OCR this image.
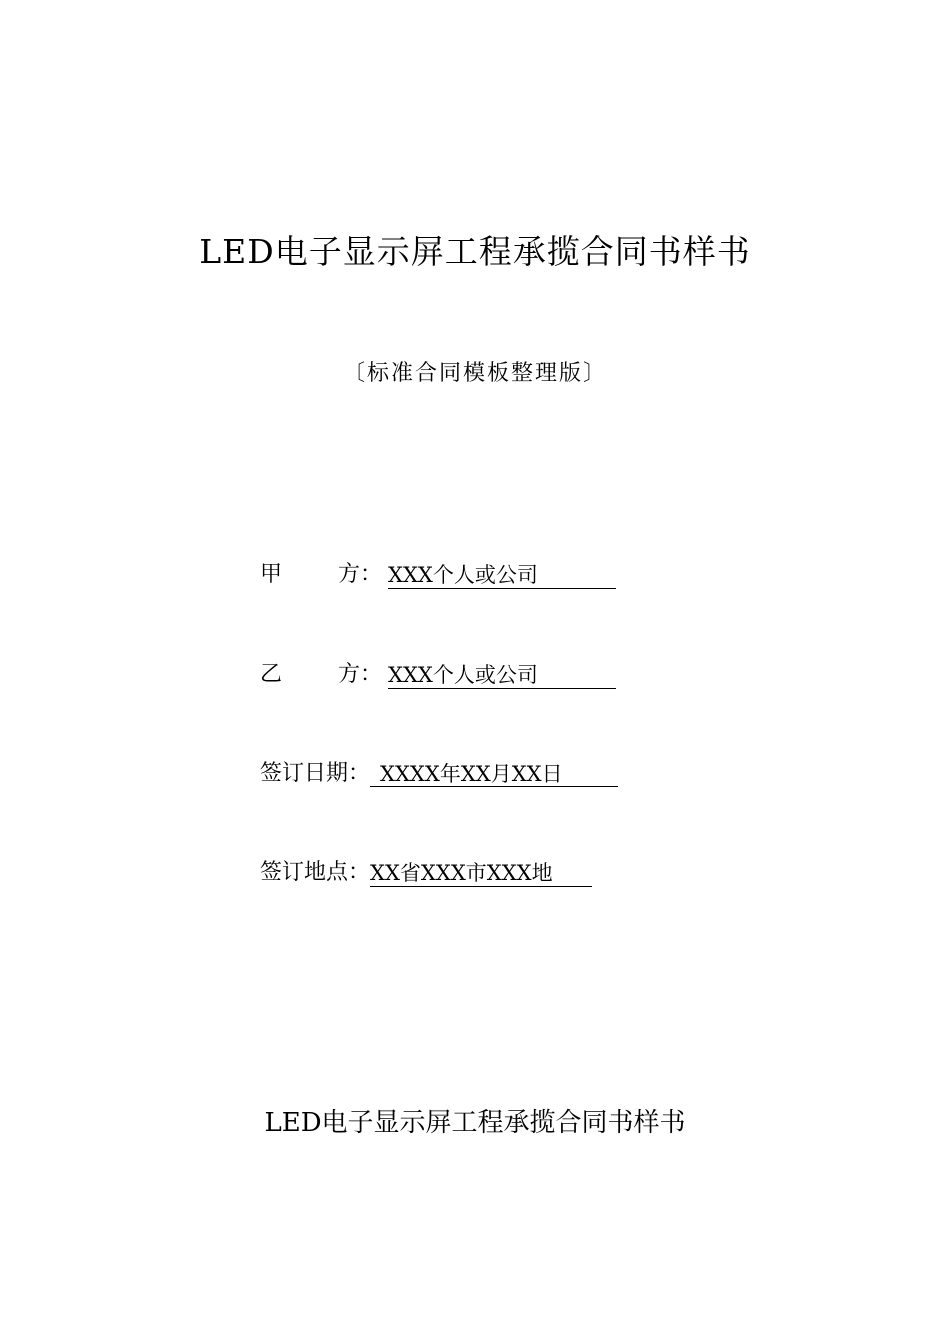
LED电子显示屏工程承揽合同书样书
〔标准合同模板整理版〕
甲	方： XXX个人或公司
乙	方： XXX个人或公司
签订日期： XXXX年XX月XX日
签订地点：XX省XXX市XXX地
LED电子显示屏工程承揽合同书样书
